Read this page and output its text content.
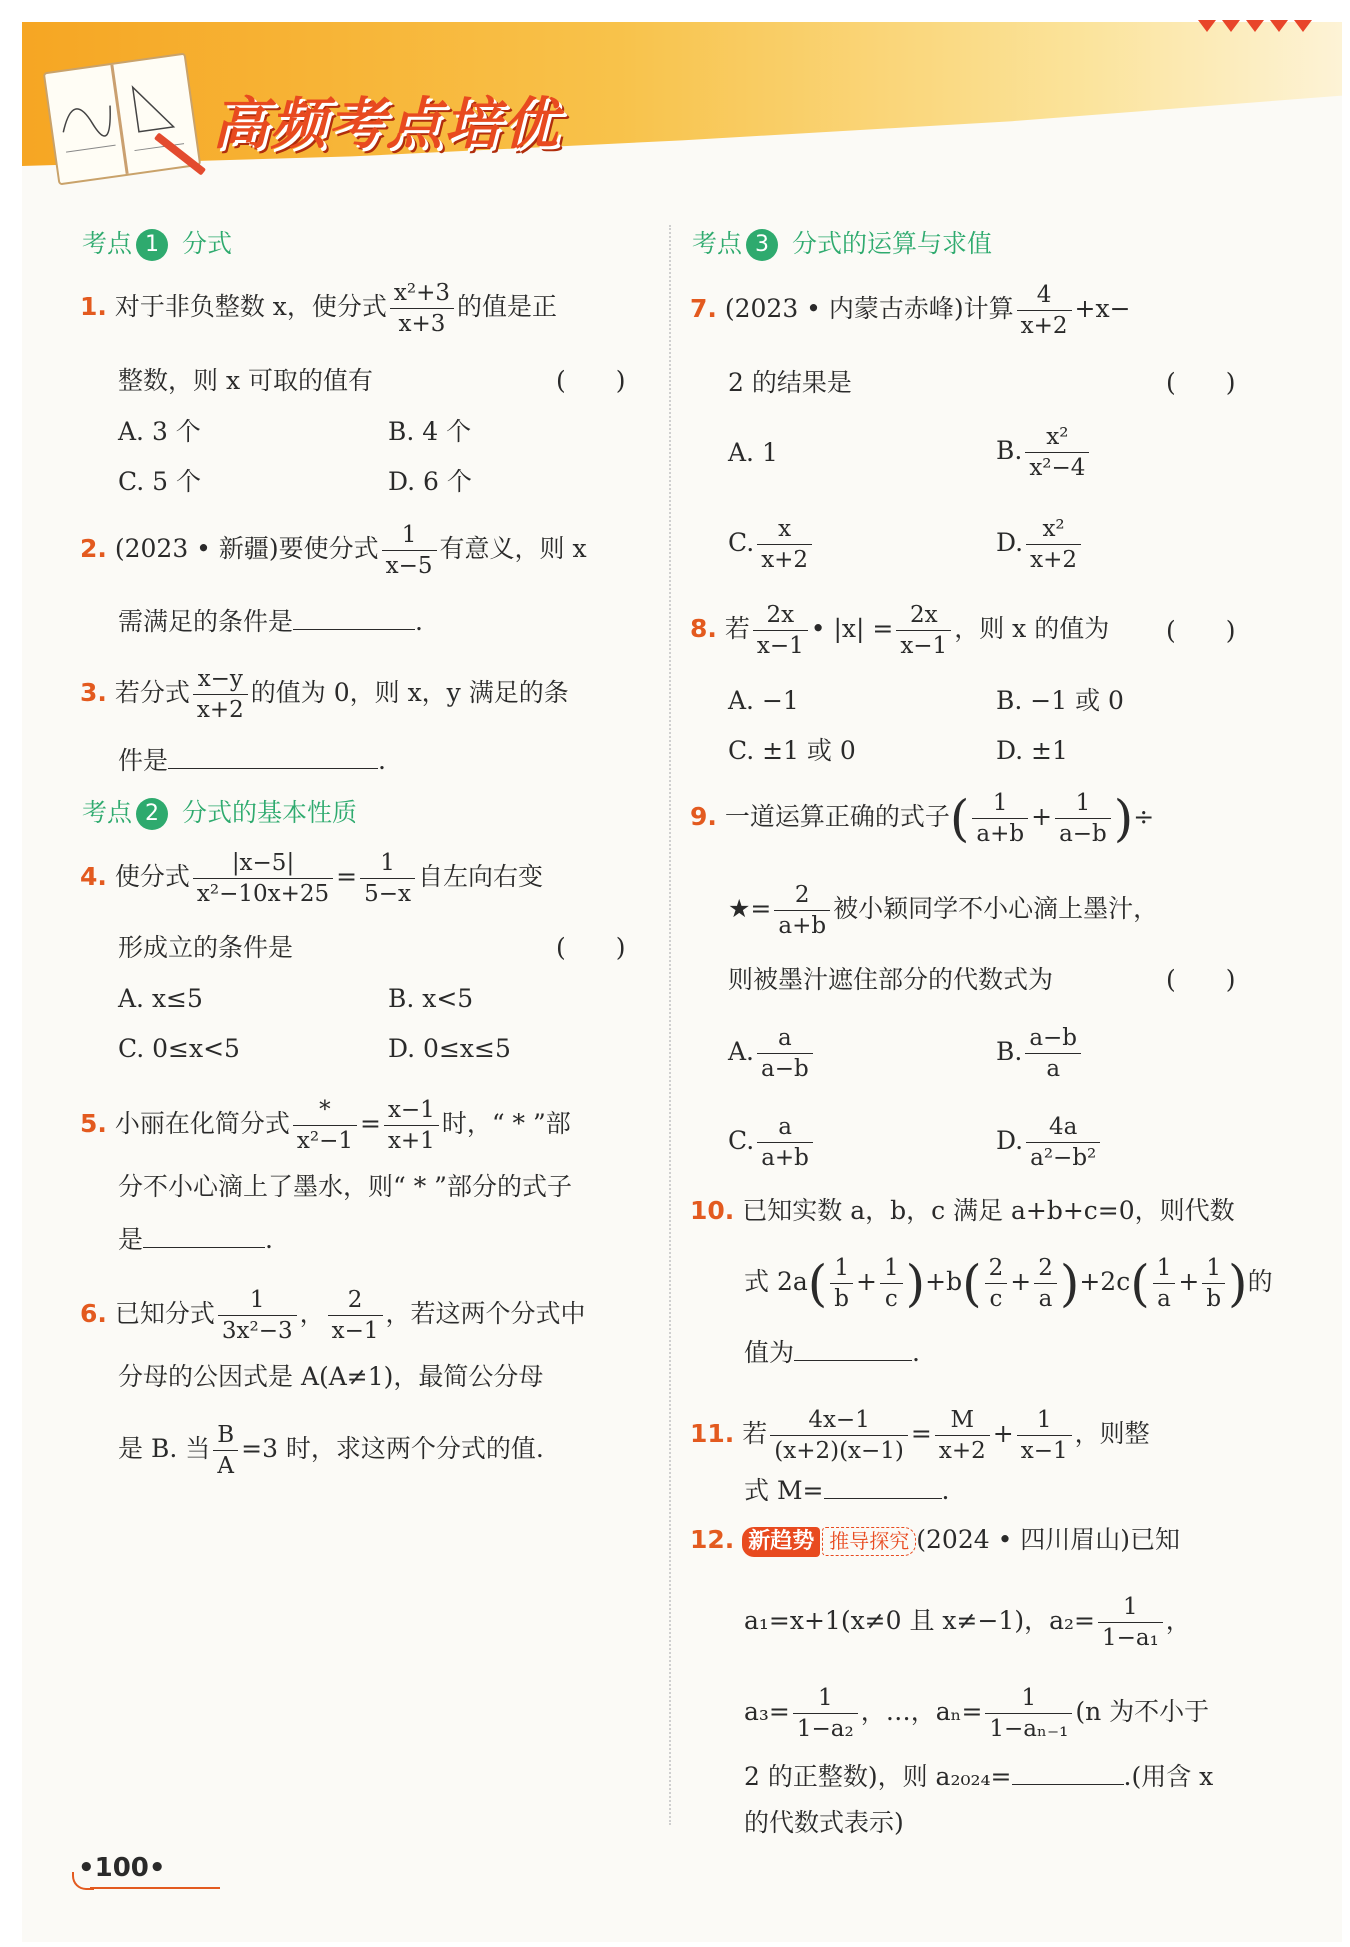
高频考点培优
考点 1 分式
考点 2 分式的基本性质
考点 3 分式的运算与求值
1. 对于非负整数 x，使分式 $\frac{\text{x²+3}}{x+3}$ 的值是正
整数，则 x 可取的值有	(　　)
A. 3 个	B. 4 个
C. 5 个	D. 6 个
2. (2023 • 新疆)要使分式 $\frac{1}{x-5}$ 有意义，则 x
需满足的条件是	.
3. 若分式 $\frac{x-y}{x+2}$ 的值为 0，则 x，y 满足的条
件是	.
4. 使分式 $\frac{|x-5|}{\text{x²−10x+25}} = \frac{1}{5-x}$ 自左向右变
形成立的条件是	(　　)
A. x≤5	B. x<5
C. 0≤x<5	D. 0≤x≤5
5. 小丽在化简分式 $\frac{*}{\text{x²−1}} = \frac{x-1}{x+1}$ 时，“ * ”部
分不小心滴上了墨水，则“ * ”部分的式子
是	.
6. 已知分式 $\frac{1}{\text{3x²−3}}$ ， $\frac{2}{x-1}$ ，若这两个分式中
分母的公因式是 A(A≠1)，最简公分母
是 B. 当 $\frac{B}{A} =3$ 时，求这两个分式的值.
7. (2023 • 内蒙古赤峰)计算 $\frac{4}{x+2} +x-$
2 的结果是	(　　)
A. 1	B. $\frac{\text{x²}}{\text{x²−4}}$
C. $\frac{x}{x+2}$	D. $\frac{\text{x²}}{x+2}$
8. 若 $\frac{2x}{x-1}$ • $|x| = \frac{2x}{x-1}$ ，则 x 的值为 (　　)
A. −1	B. −1 或 0
C. ±1 或 0	D. ±1
9. 一道运算正确的式子( $\frac{1}{a+b} + \frac{1}{a-b}$ )÷
★= $\frac{2}{a+b}$ 被小颖同学不小心滴上墨汁，
则被墨汁遮住部分的代数式为	(　　)
A. $\frac{a}{a-b}$	B. $\frac{a-b}{a}$
C. $\frac{a}{a+b}$	D. $\frac{4a}{\text{a²−b²}}$
10. 已知实数 a，b，c 满足 a+b+c=0，则代数
式 $2a( \frac{1}{b} + \frac{1}{c} )+b( \frac{2}{c} + \frac{2}{a} )+2c( \frac{1}{a} + \frac{1}{b}$ )的
值为	.
11. 若 $\frac{4x-1}{(x+2)(x-1)} = \frac{M}{x+2} + \frac{1}{x-1}$ ，则整
式 M=	.
12. 新趋势 推导探究 (2024 • 四川眉山)已知
a₁=x+1(x≠0 且 x≠−1)，$a_2= \frac{1}{\text{1−a₁}}$ ，
$a_3= \frac{1}{\text{1−a₂}}$ ，…，$a_n= \frac{1}{\text{1−aₙ₋₁}} (n$ 为不小于
2 的正整数)，则 a₂₀₂₄=	.(用含 x
的代数式表示)
•100•
